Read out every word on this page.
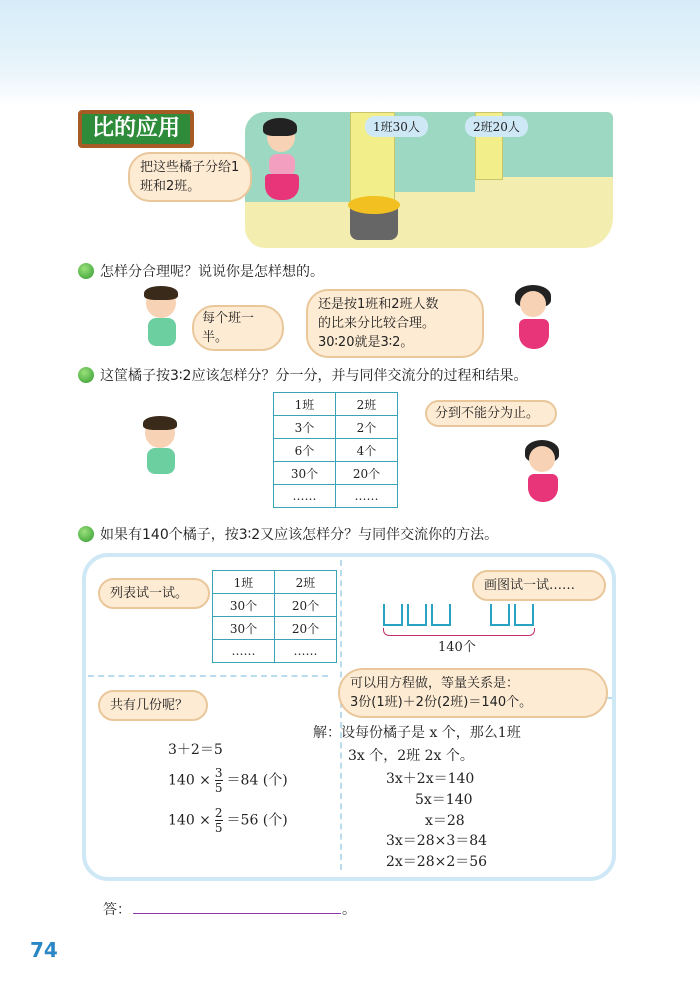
比的应用	1班30人	2班20人
把这些橘子分给1班和2班。
怎样分合理呢？说说你是怎样想的。
每个班一半。
还是按1班和2班人数
的比来分比较合理。
30∶20就是3∶2。
这筐橘子按3∶2应该怎样分？分一分，并与同伴交流分的过程和结果。
1班	2班
3个	2个
6个	4个
30个	20个
……	……
分到不能分为止。
如果有140个橘子，按3∶2又应该怎样分？与同伴交流你的方法。
列表试一试。
1班	2班
30个	20个
30个	20个
……	……
画图试一试……
140个
共有几份呢？
3＋2＝5
$140 \times \frac{3}{5} =84$ (个)
$140 \times \frac{2}{5} =56$ (个)
可以用方程做，等量关系是：
3份(1班)＋2份(2班)＝140个。
解：设每份橘子是 x 个，那么1班
3x 个，2班 2x 个。
3x＋2x＝140
5x＝140
x＝28
3x＝28×3＝84
2x＝28×2＝56
答：	。
74
